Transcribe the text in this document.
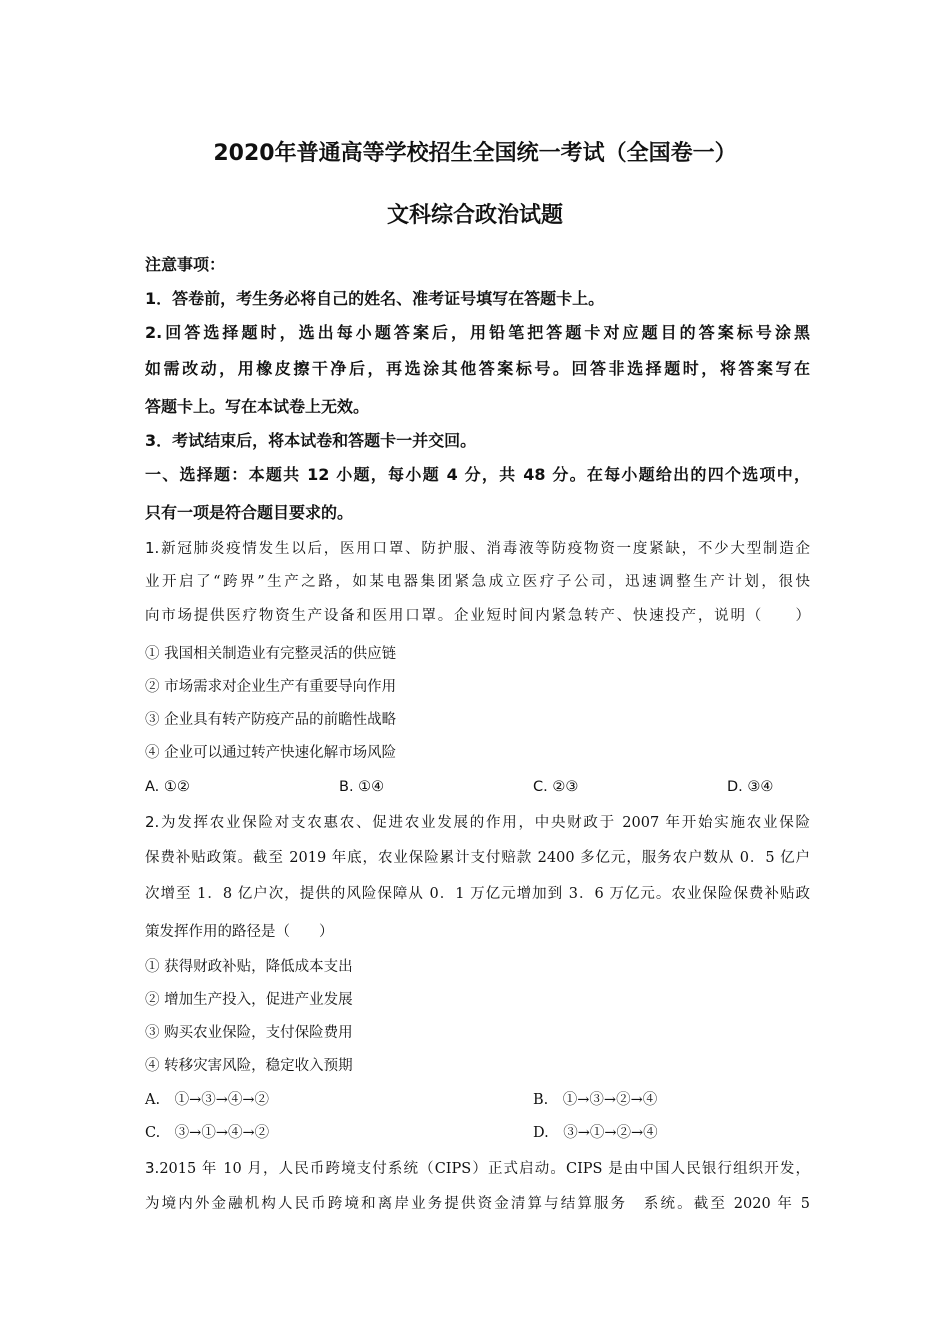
2020年普通高等学校招生全国统一考试（全国卷一）
文科综合政治试题
注意事项：
1．答卷前，考生务必将自己的姓名、准考证号填写在答题卡上。
2.回答选择题时，选出每小题答案后，用铅笔把答题卡对应题目的答案标号涂黑
如需改动，用橡皮擦干净后，再选涂其他答案标号。回答非选择题时，将答案写在
答题卡上。写在本试卷上无效。
3．考试结束后，将本试卷和答题卡一并交回。
一、选择题：本题共 12 小题，每小题 4 分，共 48 分。在每小题给出的四个选项中，
只有一项是符合题目要求的。
1.新冠肺炎疫情发生以后，医用口罩、防护服、消毒液等防疫物资一度紧缺，不少大型制造企
业开启了“跨界”生产之路，如某电器集团紧急成立医疗子公司，迅速调整生产计划，很快
向市场提供医疗物资生产设备和医用口罩。企业短时间内紧急转产、快速投产，说明（　　）
① 我国相关制造业有完整灵活的供应链
② 市场需求对企业生产有重要导向作用
③ 企业具有转产防疫产品的前瞻性战略
④ 企业可以通过转产快速化解市场风险
A. ①②	B. ①④	C. ②③	D. ③④
2.为发挥农业保险对支农惠农、促进农业发展的作用，中央财政于 2007 年开始实施农业保险
保费补贴政策。截至 2019 年底，农业保险累计支付赔款 2400 多亿元，服务农户数从 0．5 亿户
次增至 1．8 亿户次，提供的风险保障从 0．1 万亿元增加到 3．6 万亿元。农业保险保费补贴政
策发挥作用的路径是（　　）
① 获得财政补贴，降低成本支出
② 增加生产投入，促进产业发展
③ 购买农业保险，支付保险费用
④ 转移灾害风险，稳定收入预期
A.　①→③→④→②	B.　①→③→②→④
C.　③→①→④→②	D.　③→①→②→④
3.2015 年 10 月，人民币跨境支付系统（CIPS）正式启动。CIPS 是由中国人民银行组织开发，
为境内外金融机构人民币跨境和离岸业务提供资金清算与结算服务　系统。截至 2020 年 5
